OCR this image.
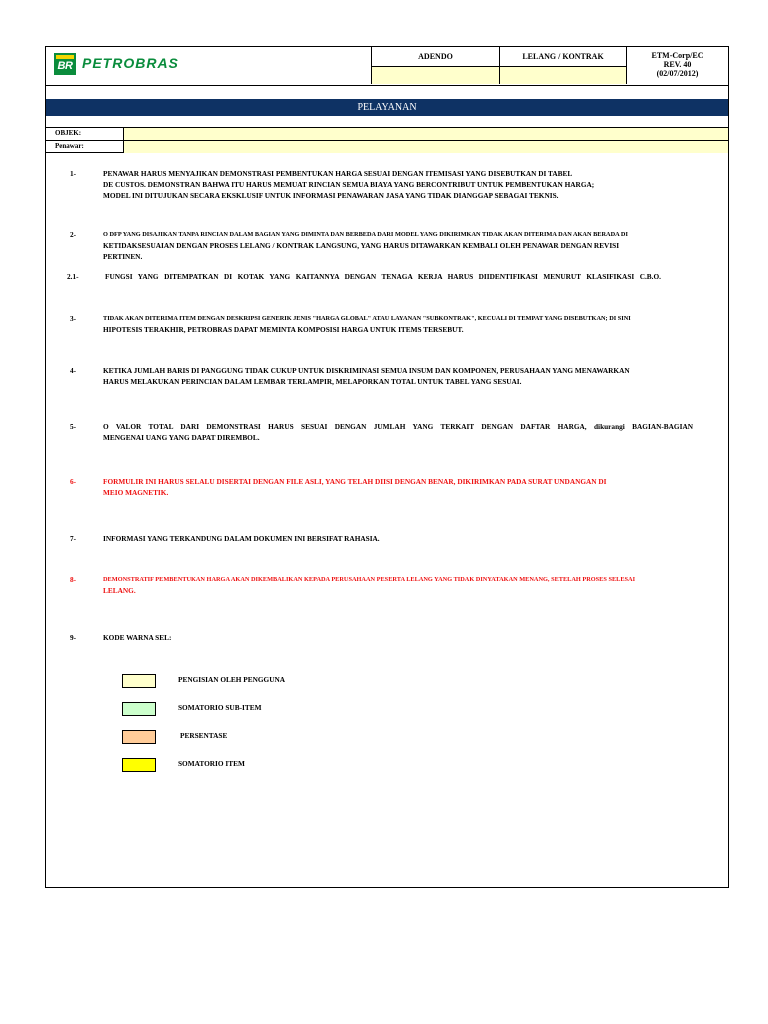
BR PETROBRAS	ADENDO	LELANG / KONTRAK	ETM-Corp/EC
REV. 40
(02/07/2012)
PELAYANAN
OBJEK:
Penawar:
1-	PENAWAR HARUS MENYAJIKAN DEMONSTRASI PEMBENTUKAN HARGA SESUAI DENGAN ITEMISASI YANG DISEBUTKAN DI TABEL
DE CUSTOS. DEMONSTRAN BAHWA ITU HARUS MEMUAT RINCIAN SEMUA BIAYA YANG BERCONTRIBUT UNTUK PEMBENTUKAN HARGA;
MODEL INI DITUJUKAN SECARA EKSKLUSIF UNTUK INFORMASI PENAWARAN JASA YANG TIDAK DIANGGAP SEBAGAI TEKNIS.
2-	O DFP YANG DISAJIKAN TANPA RINCIAN DALAM BAGIAN YANG DIMINTA DAN BERBEDA DARI MODEL YANG DIKIRIMKAN TIDAK AKAN DITERIMA DAN AKAN BERADA DI
KETIDAKSESUAIAN DENGAN PROSES LELANG / KONTRAK LANGSUNG, YANG HARUS DITAWARKAN KEMBALI OLEH PENAWAR DENGAN REVISI
PERTINEN.
2.1-	FUNGSI YANG DITEMPATKAN DI KOTAK YANG KAITANNYA DENGAN TENAGA KERJA HARUS DIIDENTIFIKASI MENURUT KLASIFIKASI C.B.O.
3-	TIDAK AKAN DITERIMA ITEM DENGAN DESKRIPSI GENERIK JENIS "HARGA GLOBAL" ATAU LAYANAN "SUBKONTRAK", KECUALI DI TEMPAT YANG DISEBUTKAN; DI SINI
HIPOTESIS TERAKHIR, PETROBRAS DAPAT MEMINTA KOMPOSISI HARGA UNTUK ITEMS TERSEBUT.
4-	KETIKA JUMLAH BARIS DI PANGGUNG TIDAK CUKUP UNTUK DISKRIMINASI SEMUA INSUM DAN KOMPONEN, PERUSAHAAN YANG MENAWARKAN
HARUS MELAKUKAN PERINCIAN DALAM LEMBAR TERLAMPIR, MELAPORKAN TOTAL UNTUK TABEL YANG SESUAI.
5-	O VALOR TOTAL DARI DEMONSTRASI HARUS SESUAI DENGAN JUMLAH YANG TERKAIT DENGAN DAFTAR HARGA, dikurangi BAGIAN-BAGIAN
MENGENAI UANG YANG DAPAT DIREMBOL.
6-	FORMULIR INI HARUS SELALU DISERTAI DENGAN FILE ASLI, YANG TELAH DIISI DENGAN BENAR, DIKIRIMKAN PADA SURAT UNDANGAN DI
MEIO MAGNETIK.
7-	INFORMASI YANG TERKANDUNG DALAM DOKUMEN INI BERSIFAT RAHASIA.
8-	DEMONSTRATIF PEMBENTUKAN HARGA AKAN DIKEMBALIKAN KEPADA PERUSAHAAN PESERTA LELANG YANG TIDAK DINYATAKAN MENANG, SETELAH PROSES SELESAI
LELANG.
9-	KODE WARNA SEL:
PENGISIAN OLEH PENGGUNA
SOMATORIO SUB-ITEM
PERSENTASE
SOMATORIO ITEM
